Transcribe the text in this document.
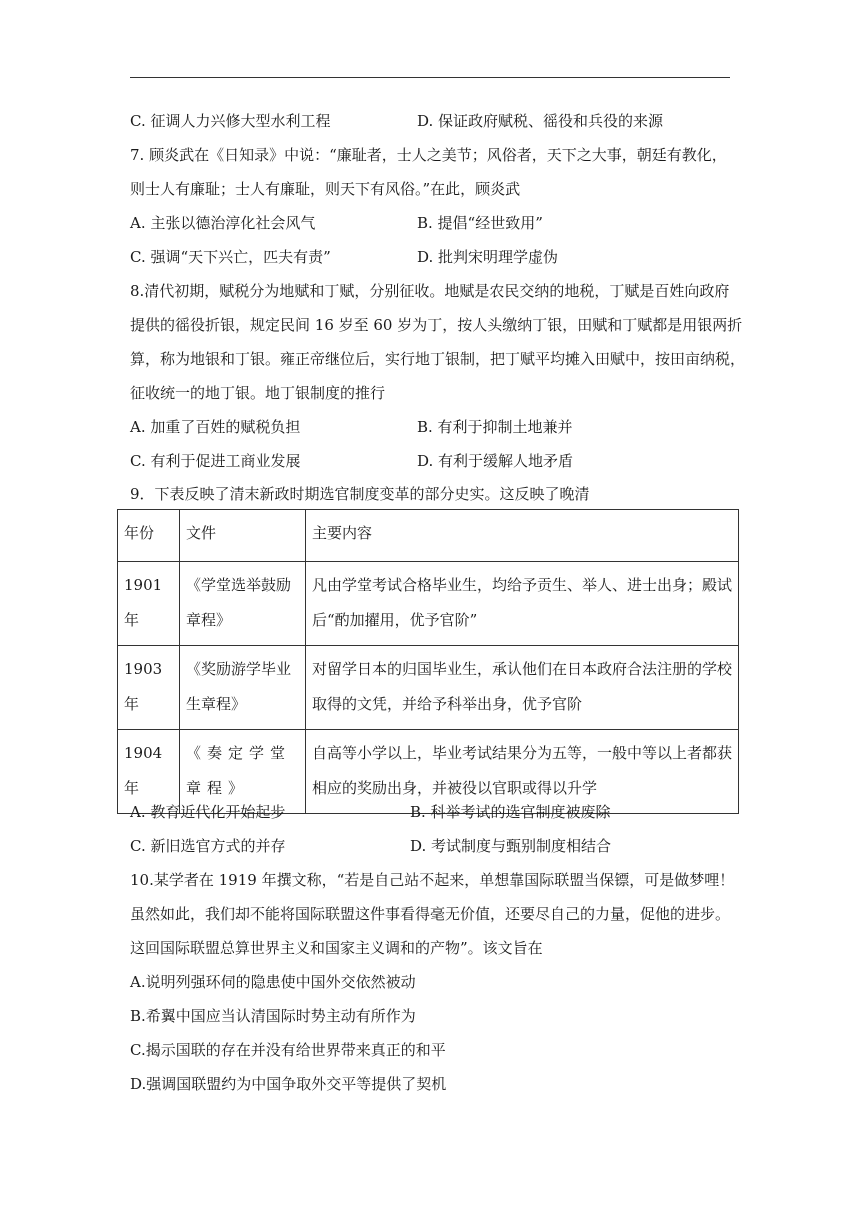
C. 征调人力兴修大型水利工程	D. 保证政府赋税、徭役和兵役的来源
7. 顾炎武在《日知录》中说：“廉耻者，士人之美节；风俗者，天下之大事，朝廷有教化，
则士人有廉耻；士人有廉耻，则天下有风俗。”在此，顾炎武
A. 主张以德治淳化社会风气	B. 提倡“经世致用”
C. 强调“天下兴亡，匹夫有责”	D. 批判宋明理学虚伪
8.清代初期，赋税分为地赋和丁赋，分别征收。地赋是农民交纳的地税，丁赋是百姓向政府
提供的徭役折银，规定民间 16 岁至 60 岁为丁，按人头缴纳丁银，田赋和丁赋都是用银两折
算，称为地银和丁银。雍正帝继位后，实行地丁银制，把丁赋平均摊入田赋中，按田亩纳税，
征收统一的地丁银。地丁银制度的推行
A. 加重了百姓的赋税负担	B. 有利于抑制土地兼并
C. 有利于促进工商业发展	D. 有利于缓解人地矛盾
9．下表反映了清末新政时期选官制度变革的部分史实。这反映了晚清
年份	文件	主要内容

1901年	《学堂选举鼓励章程》	凡由学堂考试合格毕业生，均给予贡生、举人、进士出身；殿试后“酌加擢用，优予官阶”

1903年	《奖励游学毕业生章程》	对留学日本的归国毕业生，承认他们在日本政府合法注册的学校取得的文凭，并给予科举出身，优予官阶

1904年	《奏定学堂章程》	自高等小学以上，毕业考试结果分为五等，一般中等以上者都获相应的奖励出身，并被役以官职或得以升学
A. 教育近代化开始起步	B. 科举考试的选官制度被废除
C. 新旧选官方式的并存	D. 考试制度与甄别制度相结合
10.某学者在 1919 年撰文称，“若是自己站不起来，单想靠国际联盟当保镖，可是做梦哩！
虽然如此，我们却不能将国际联盟这件事看得毫无价值，还要尽自己的力量，促他的进步。
这回国际联盟总算世界主义和国家主义调和的产物”。该文旨在
A.说明列强环伺的隐患使中国外交依然被动
B.希翼中国应当认清国际时势主动有所作为
C.揭示国联的存在并没有给世界带来真正的和平
D.强调国联盟约为中国争取外交平等提供了契机
